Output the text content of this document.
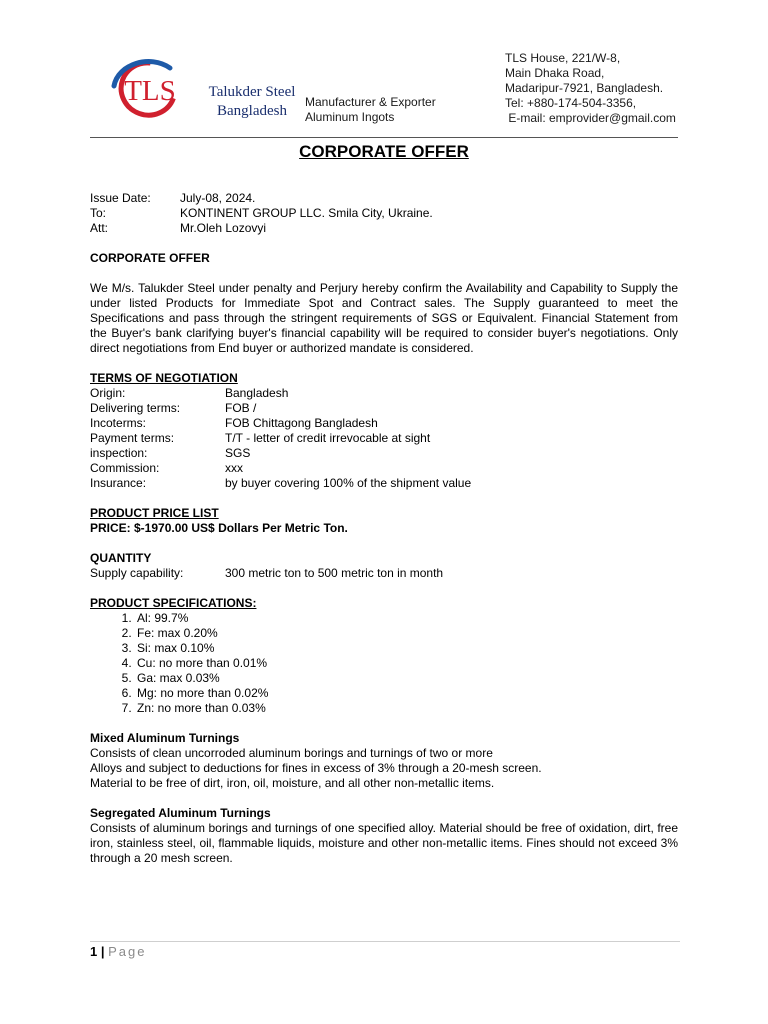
TLS Talukder Steel
Bangladesh
Manufacturer & Exporter
Aluminum Ingots
TLS House, 221/W-8,
Main Dhaka Road,
Madaripur-7921, Bangladesh.
Tel: +880-174-504-3356,
E-mail: emprovider@gmail.com
CORPORATE OFFER
Issue Date:	July-08, 2024.
To:	KONTINENT GROUP LLC. Smila City, Ukraine.
Att:	Mr.Oleh Lozovyi
CORPORATE OFFER
We M/s. Talukder Steel under penalty and Perjury hereby confirm the Availability and Capability to Supply the under listed Products for Immediate Spot and Contract sales. The Supply guaranteed to meet the Specifications and pass through the stringent requirements of SGS or Equivalent. Financial Statement from the Buyer's bank clarifying buyer's financial capability will be required to consider buyer's negotiations. Only direct negotiations from End buyer or authorized mandate is considered.
TERMS OF NEGOTIATION
Origin:	Bangladesh
Delivering terms:	FOB /
Incoterms:	FOB Chittagong Bangladesh
Payment terms:	T/T - letter of credit irrevocable at sight
inspection:	SGS
Commission:	xxx
Insurance:	by buyer covering 100% of the shipment value
PRODUCT PRICE LIST
PRICE: $-1970.00 US$ Dollars Per Metric Ton.
QUANTITY
Supply capability:	300 metric ton to 500 metric ton in month
PRODUCT SPECIFICATIONS:
1. Al: 99.7%
2. Fe: max 0.20%
3. Si: max 0.10%
4. Cu: no more than 0.01%
5. Ga: max 0.03%
6. Mg: no more than 0.02%
7. Zn: no more than 0.03%
Mixed Aluminum Turnings
Consists of clean uncorroded aluminum borings and turnings of two or more
Alloys and subject to deductions for fines in excess of 3% through a 20-mesh screen.
Material to be free of dirt, iron, oil, moisture, and all other non-metallic items.
Segregated Aluminum Turnings
Consists of aluminum borings and turnings of one specified alloy. Material should be free of oxidation, dirt, free iron, stainless steel, oil, flammable liquids, moisture and other non-metallic items. Fines should not exceed 3% through a 20 mesh screen.
1 | Page
